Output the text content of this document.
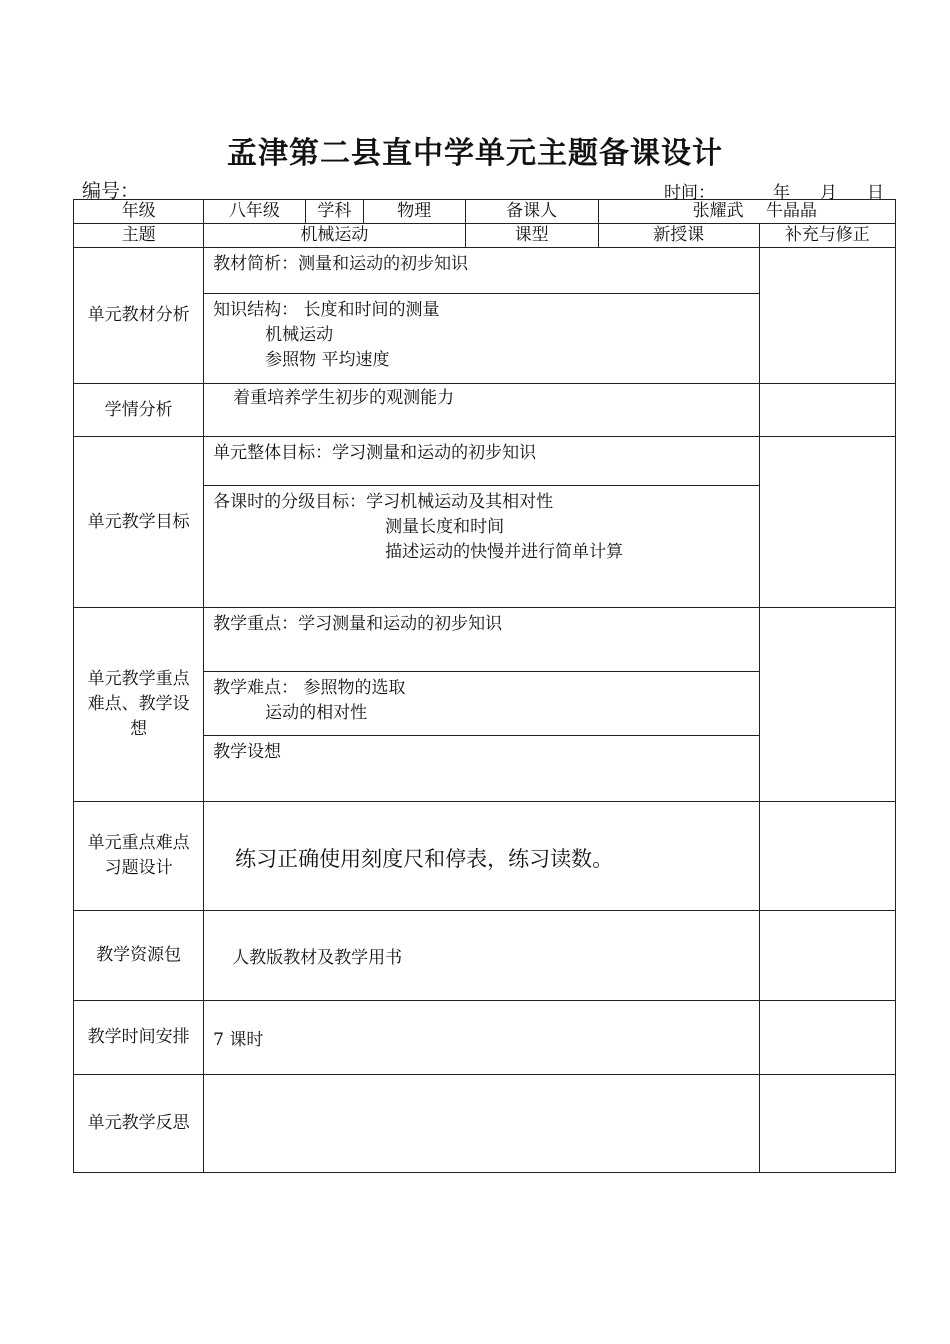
孟津第二县直中学单元主题备课设计
编号：	时间：	年 月 日
年级	八年级	学科	物理	备课人	张耀武　 牛晶晶	
主题	机械运动			课型	新授课	补充与修正
单元教材分析	教材简析：测量和运动的初步知识
知识结构： 长度和时间的测量
机械运动
参照物 平均速度					

学情分析	着重培养学生初步的观测能力					

单元教学目标	单元整体目标：学习测量和运动的初步知识
各课时的分级目标：学习机械运动及其相对性
测量长度和时间
描述运动的快慢并进行简单计算					

单元教学重点难点、教学设想	教学重点：学习测量和运动的初步知识
教学难点： 参照物的选取
运动的相对性
教学设想					

单元重点难点习题设计	练习正确使用刻度尺和停表，练习读数。					
教学资源包	人教版教材及教学用书					
教学时间安排	7 课时					
单元教学反思						
